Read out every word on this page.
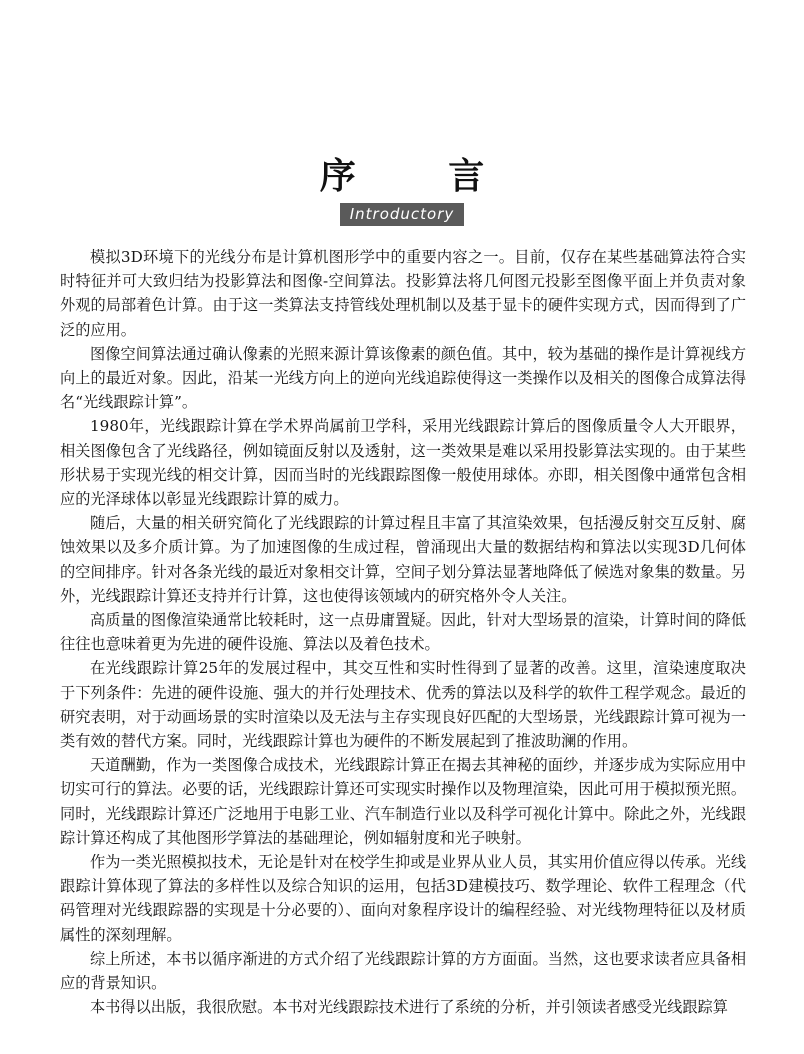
序 言
Introductory

模拟3D环境下的光线分布是计算机图形学中的重要内容之一。目前，仅存在某些基础算法符合实时特征并可大致归结为投影算法和图像-空间算法。投影算法将几何图元投影至图像平面上并负责对象外观的局部着色计算。由于这一类算法支持管线处理机制以及基于显卡的硬件实现方式，因而得到了广泛的应用。

图像空间算法通过确认像素的光照来源计算该像素的颜色值。其中，较为基础的操作是计算视线方向上的最近对象。因此，沿某一光线方向上的逆向光线追踪使得这一类操作以及相关的图像合成算法得名“光线跟踪计算”。

1980年，光线跟踪计算在学术界尚属前卫学科，采用光线跟踪计算后的图像质量令人大开眼界，相关图像包含了光线路径，例如镜面反射以及透射，这一类效果是难以采用投影算法实现的。由于某些形状易于实现光线的相交计算，因而当时的光线跟踪图像一般使用球体。亦即，相关图像中通常包含相应的光泽球体以彰显光线跟踪计算的威力。

随后，大量的相关研究简化了光线跟踪的计算过程且丰富了其渲染效果，包括漫反射交互反射、腐蚀效果以及多介质计算。为了加速图像的生成过程，曾涌现出大量的数据结构和算法以实现3D几何体的空间排序。针对各条光线的最近对象相交计算，空间子划分算法显著地降低了候选对象集的数量。另外，光线跟踪计算还支持并行计算，这也使得该领域内的研究格外令人关注。

高质量的图像渲染通常比较耗时，这一点毋庸置疑。因此，针对大型场景的渲染，计算时间的降低往往也意味着更为先进的硬件设施、算法以及着色技术。

在光线跟踪计算25年的发展过程中，其交互性和实时性得到了显著的改善。这里，渲染速度取决于下列条件：先进的硬件设施、强大的并行处理技术、优秀的算法以及科学的软件工程学观念。最近的研究表明，对于动画场景的实时渲染以及无法与主存实现良好匹配的大型场景，光线跟踪计算可视为一类有效的替代方案。同时，光线跟踪计算也为硬件的不断发展起到了推波助澜的作用。

天道酬勤，作为一类图像合成技术，光线跟踪计算正在揭去其神秘的面纱，并逐步成为实际应用中切实可行的算法。必要的话，光线跟踪计算还可实现实时操作以及物理渲染，因此可用于模拟预光照。同时，光线跟踪计算还广泛地用于电影工业、汽车制造行业以及科学可视化计算中。除此之外，光线跟踪计算还构成了其他图形学算法的基础理论，例如辐射度和光子映射。

作为一类光照模拟技术，无论是针对在校学生抑或是业界从业人员，其实用价值应得以传承。光线跟踪计算体现了算法的多样性以及综合知识的运用，包括3D建模技巧、数学理论、软件工程理念（代码管理对光线跟踪器的实现是十分必要的）、面向对象程序设计的编程经验、对光线物理特征以及材质属性的深刻理解。

综上所述，本书以循序渐进的方式介绍了光线跟踪计算的方方面面。当然，这也要求读者应具备相应的背景知识。

本书得以出版，我很欣慰。本书对光线跟踪技术进行了系统的分析，并引领读者感受光线跟踪算
